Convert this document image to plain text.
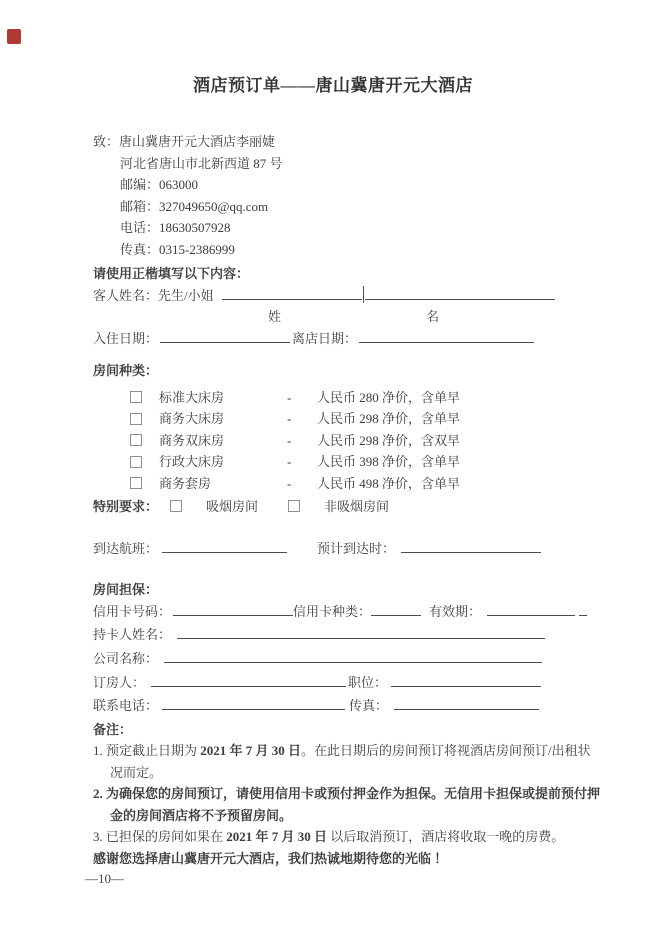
酒店预订单——唐山冀唐开元大酒店
致：唐山冀唐开元大酒店李丽婕
河北省唐山市北新西道 87 号
邮编：063000
邮箱：327049650@qq.com
电话：18630507928
传真：0315-2386999
请使用正楷填写以下内容：
客人姓名：先生/小姐
姓	名
入住日期：	离店日期：
房间种类：
标准大床房	-	人民币 280 净价，含单早
商务大床房	-	人民币 298 净价，含单早
商务双床房	-	人民币 298 净价，含双早
行政大床房	-	人民币 398 净价，含单早
商务套房	-	人民币 498 净价，含单早
特别要求：	吸烟房间	非吸烟房间
到达航班：	预计到达时：
房间担保：
信用卡号码：	信用卡种类：	有效期：
持卡人姓名：
公司名称：
订房人：	职位：
联系电话：	传真：
备注：
1. 预定截止日期为 2021 年 7 月 30 日。在此日期后的房间预订将视酒店房间预订/出租状况而定。
2. 为确保您的房间预订，请使用信用卡或预付押金作为担保。无信用卡担保或提前预付押金的房间酒店将不予预留房间。
3. 已担保的房间如果在 2021 年 7 月 30 日 以后取消预订，酒店将收取一晚的房费。
感谢您选择唐山冀唐开元大酒店，我们热诚地期待您的光临 ！
—10—
